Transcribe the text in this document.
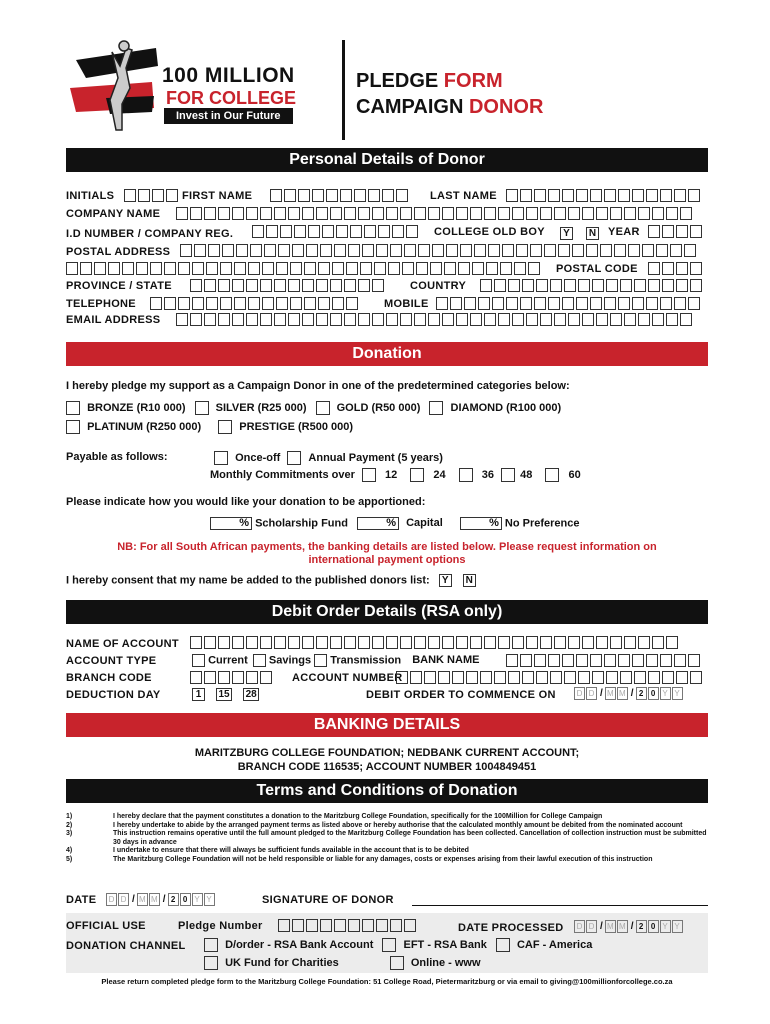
100 MILLION
FOR COLLEGE
Invest in Our Future
PLEDGE FORM
CAMPAIGN DONOR
Personal Details of Donor
INITIALS	FIRST NAME	LAST NAME
COMPANY NAME
I.D NUMBER / COMPANY REG.	COLLEGE OLD BOY	Y	N YEAR
POSTAL ADDRESS
POSTAL CODE
PROVINCE / STATE	COUNTRY
TELEPHONE	MOBILE
EMAIL ADDRESS
Donation
I hereby pledge my support as a Campaign Donor in one of the predetermined categories below:
BRONZE (R10 000)	SILVER (R25 000)	GOLD (R50 000)	DIAMOND (R100 000)
PLATINUM (R250 000)	PRESTIGE (R500 000)
Payable as follows:	Once-off	Annual Payment (5 years)
Monthly Commitments over	12	24	36 48	60
Please indicate how you would like your donation to be apportioned:
% Scholarship Fund	% Capital	% No Preference
NB: For all South African payments, the banking details are listed below. Please request information on
international payment options
I hereby consent that my name be added to the published donors list: Y N
Debit Order Details (RSA only)
NAME OF ACCOUNT
ACCOUNT TYPE	Current Savings Transmission BANK NAME
BRANCH CODE	ACCOUNT NUMBER
DEDUCTION DAY	1 15 28	DEBIT ORDER TO COMMENCE ON	D D / M M / 2 0 Y Y
BANKING DETAILS
MARITZBURG COLLEGE FOUNDATION; NEDBANK CURRENT ACCOUNT;
BRANCH CODE 116535; ACCOUNT NUMBER 1004849451
Terms and Conditions of Donation
1)	I hereby declare that the payment constitutes a donation to the Maritzburg College Foundation, specifically for the 100Million for College Campaign
2)	I hereby undertake to abide by the arranged payment terms as listed above or hereby authorise that the calculated monthly amount be debited from the nominated account
3)	This instruction remains operative until the full amount pledged to the Maritzburg College Foundation has been collected. Cancellation of collection instruction must be submitted 30 days in advance
4)	I undertake to ensure that there will always be sufficient funds available in the account that is to be debited
5)	The Maritzburg College Foundation will not be held responsible or liable for any damages, costs or expenses arising from their lawful execution of this instruction
DATE	D D / M M / 2 0 Y Y	SIGNATURE OF DONOR
OFFICIAL USE	Pledge Number	DATE PROCESSED	D D / M M / 2 0 Y Y
DONATION CHANNEL	D/order - RSA Bank Account	EFT - RSA Bank	CAF - America
UK Fund for Charities	Online - www
Please return completed pledge form to the Maritzburg College Foundation: 51 College Road, Pietermaritzburg or via email to giving@100millionforcollege.co.za
